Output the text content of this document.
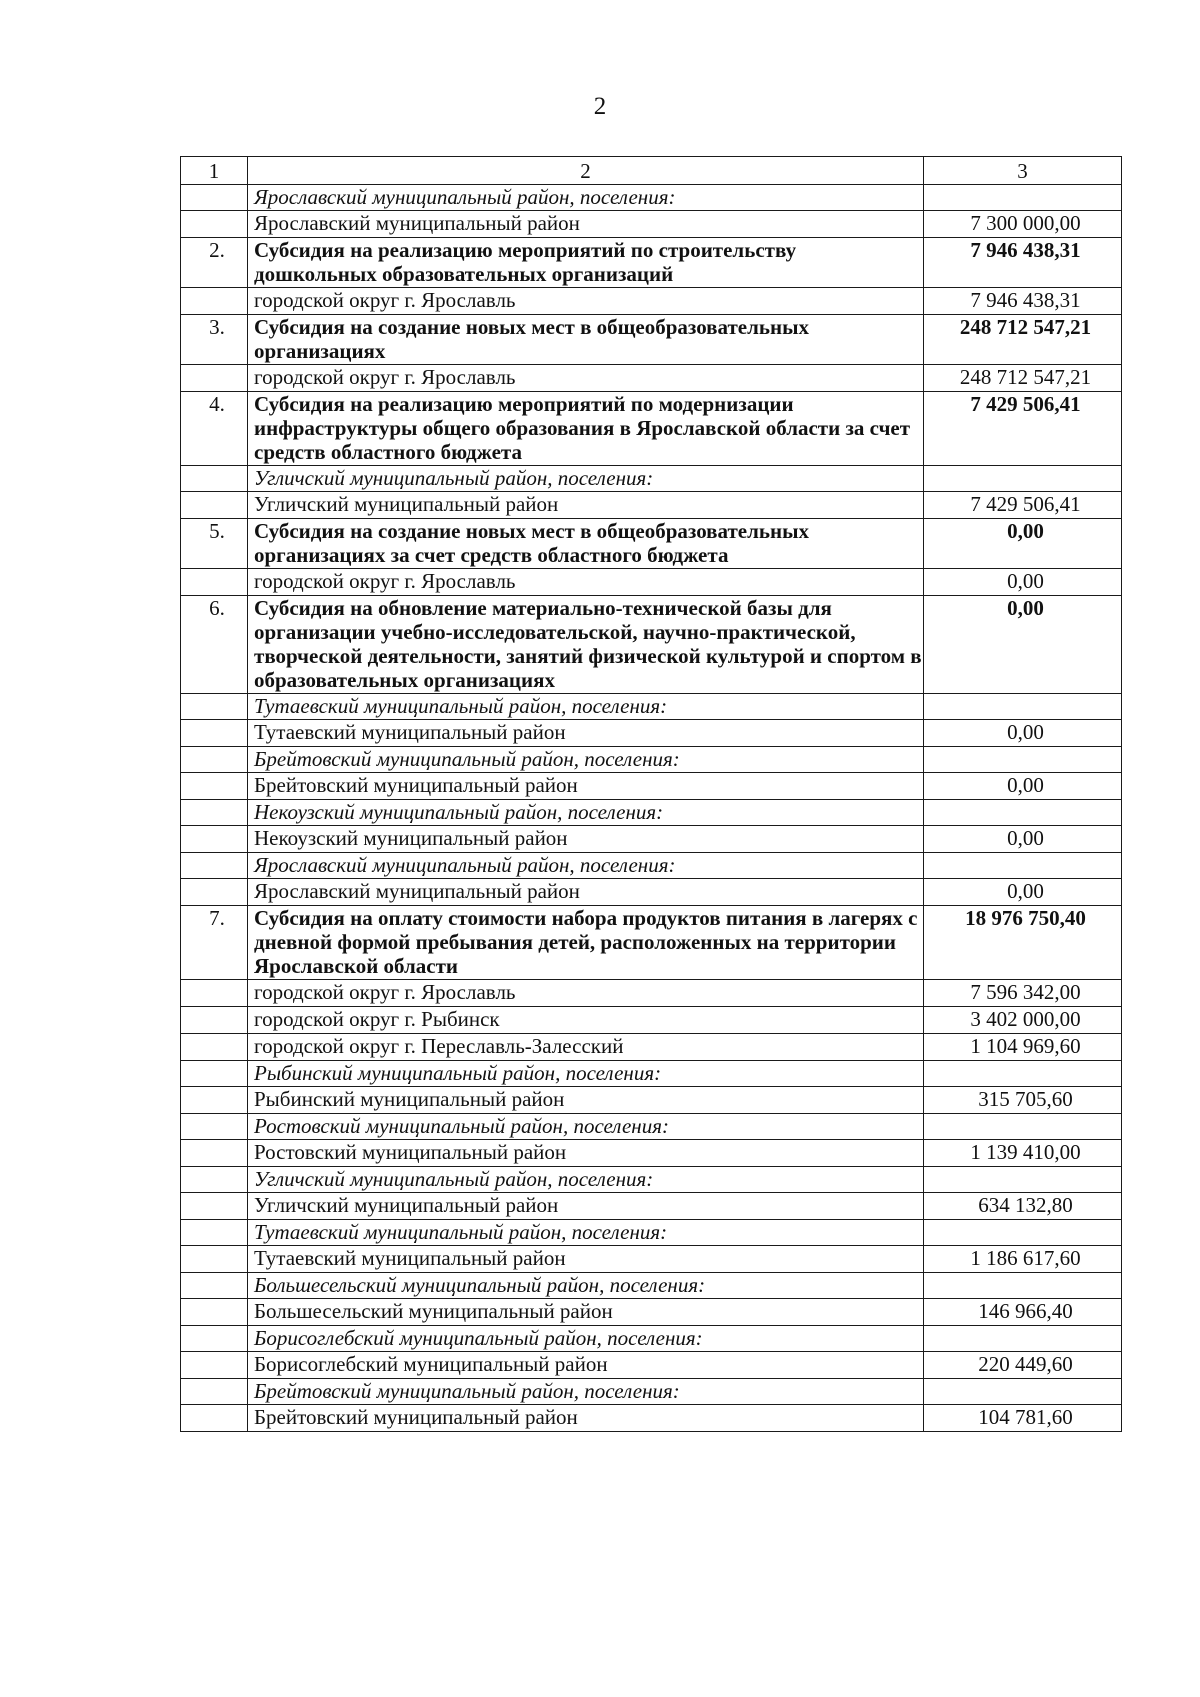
2
1	2	3
	Ярославский муниципальный район, поселения:	
	Ярославский муниципальный район	7 300 000,00
2.	Субсидия на реализацию мероприятий по строительству дошкольных образовательных организаций	7 946 438,31
	городской округ г. Ярославль	7 946 438,31
3.	Субсидия на создание новых мест в общеобразовательных организациях	248 712 547,21
	городской округ г. Ярославль	248 712 547,21
4.	Субсидия на реализацию мероприятий по модернизации инфраструктуры общего образования в Ярославской области за счет средств областного бюджета	7 429 506,41
	Угличский муниципальный район, поселения:	
	Угличский муниципальный район	7 429 506,41
5.	Субсидия на создание новых мест в общеобразовательных организациях за счет средств областного бюджета	0,00
	городской округ г. Ярославль	0,00
6.	Субсидия на обновление материально-технической базы для организации учебно-исследовательской, научно-практической, творческой деятельности, занятий физической культурой и спортом в образовательных организациях	0,00
	Тутаевский муниципальный район, поселения:	
	Тутаевский муниципальный район	0,00
	Брейтовский муниципальный район, поселения:	
	Брейтовский муниципальный район	0,00
	Некоузский муниципальный район, поселения:	
	Некоузский муниципальный район	0,00
	Ярославский муниципальный район, поселения:	
	Ярославский муниципальный район	0,00
7.	Субсидия на оплату стоимости набора продуктов питания в лагерях с дневной формой пребывания детей, расположенных на территории Ярославской области	18 976 750,40
	городской округ г. Ярославль	7 596 342,00
	городской округ г. Рыбинск	3 402 000,00
	городской округ г. Переславль-Залесский	1 104 969,60
	Рыбинский муниципальный район, поселения:	
	Рыбинский муниципальный район	315 705,60
	Ростовский муниципальный район, поселения:	
	Ростовский муниципальный район	1 139 410,00
	Угличский муниципальный район, поселения:	
	Угличский муниципальный район	634 132,80
	Тутаевский муниципальный район, поселения:	
	Тутаевский муниципальный район	1 186 617,60
	Большесельский муниципальный район, поселения:	
	Большесельский муниципальный район	146 966,40
	Борисоглебский муниципальный район, поселения:	
	Борисоглебский муниципальный район	220 449,60
	Брейтовский муниципальный район, поселения:	
	Брейтовский муниципальный район	104 781,60
